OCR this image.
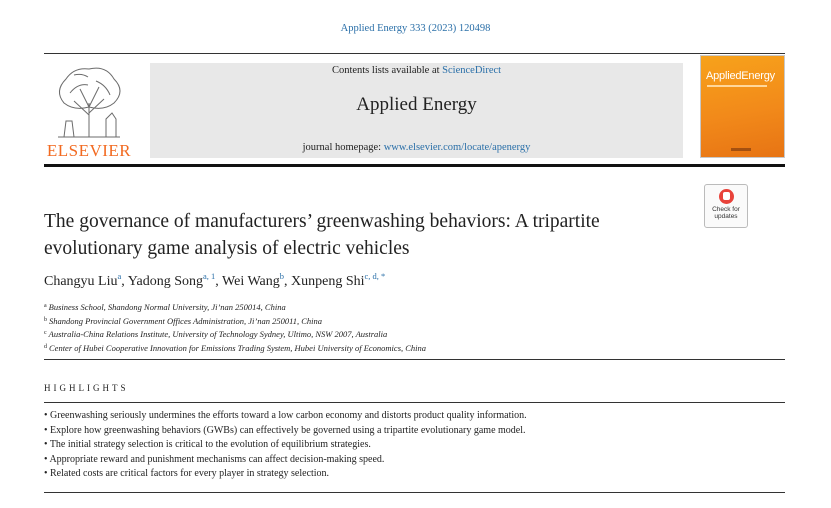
Applied Energy 333 (2023) 120498
ELSEVIER
Contents lists available at ScienceDirect
Applied Energy
journal homepage: www.elsevier.com/locate/apenergy
AppliedEnergy
Check for
updates
The governance of manufacturers’ greenwashing behaviors: A tripartite
evolutionary game analysis of electric vehicles
Changyu Liu$^a$, Yadong Song$^{a, 1}$, Wei Wang$^b$, Xunpeng Shi$^{c, d, *}$
$^a$ Business School, Shandong Normal University, Ji’nan 250014, China
$^b$ Shandong Provincial Government Offices Administration, Ji’nan 250011, China
$^c$ Australia-China Relations Institute, University of Technology Sydney, Ultimo, NSW 2007, Australia
$^d$ Center of Hubei Cooperative Innovation for Emissions Trading System, Hubei University of Economics, China
HIGHLIGHTS
• Greenwashing seriously undermines the efforts toward a low carbon economy and distorts product quality information.
• Explore how greenwashing behaviors (GWBs) can effectively be governed using a tripartite evolutionary game model.
• The initial strategy selection is critical to the evolution of equilibrium strategies.
• Appropriate reward and punishment mechanisms can affect decision-making speed.
• Related costs are critical factors for every player in strategy selection.
